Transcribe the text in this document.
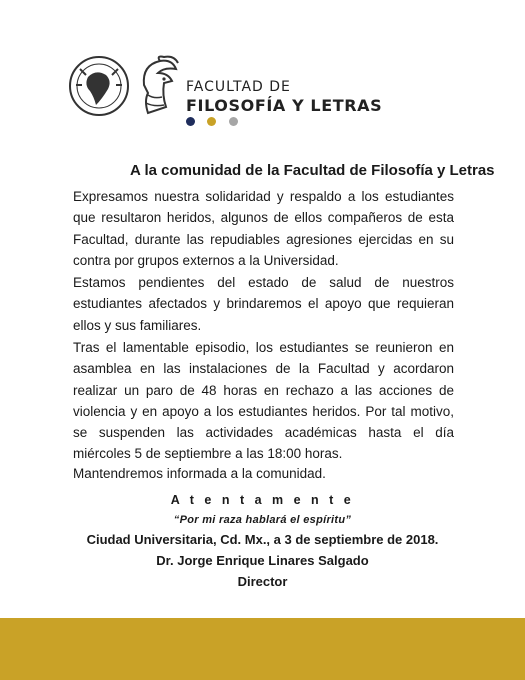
FACULTAD DE
FILOSOFÍA Y LETRAS

A la comunidad de la Facultad de Filosofía y Letras

Expresamos nuestra solidaridad y respaldo a los estudiantes que resultaron heridos, algunos de ellos compañeros de esta Facultad, durante las repudiables agresiones ejercidas en su contra por grupos externos a la Universidad.

Estamos pendientes del estado de salud de nuestros estudiantes afectados y brindaremos el apoyo que requieran ellos y sus familiares.

Tras el lamentable episodio, los estudiantes se reunieron en asamblea en las instalaciones de la Facultad y acordaron realizar un paro de 48 horas en rechazo a las acciones de violencia y en apoyo a los estudiantes heridos. Por tal motivo, se suspenden las actividades académicas hasta el día miércoles 5 de septiembre a las 18:00 horas.

Mantendremos informada a la comunidad.

A t e n t a m e n t e
“Por mi raza hablará el espíritu”
Ciudad Universitaria, Cd. Mx., a 3 de septiembre de 2018.
Dr. Jorge Enrique Linares Salgado
Director
